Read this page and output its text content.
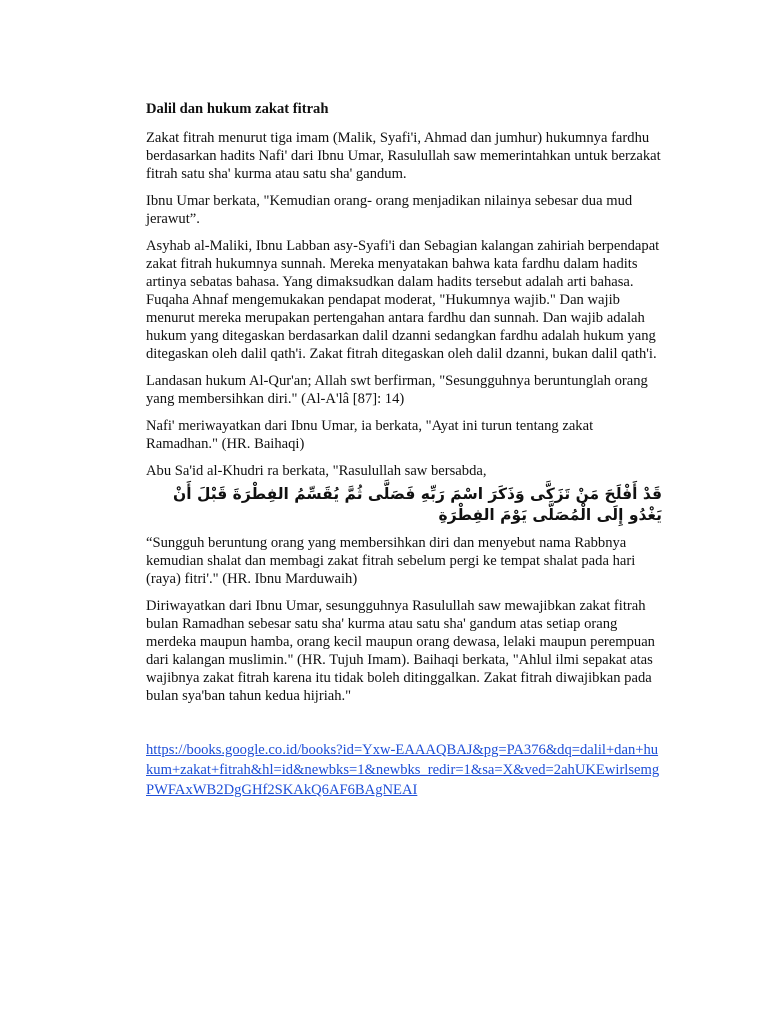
Dalil dan hukum zakat fitrah

Zakat fitrah menurut tiga imam (Malik, Syafi'i, Ahmad dan jumhur) hukumnya fardhu berdasarkan hadits Nafi' dari Ibnu Umar, Rasulullah saw memerintahkan untuk berzakat fitrah satu sha' kurma atau satu sha' gandum.

Ibnu Umar berkata, "Kemudian orang- orang menjadikan nilainya sebesar dua mud jerawut”.

Asyhab al-Maliki, Ibnu Labban asy-Syafi'i dan Sebagian kalangan zahiriah berpendapat zakat fitrah hukumnya sunnah. Mereka menyatakan bahwa kata fardhu dalam hadits artinya sebatas bahasa. Yang dimaksudkan dalam hadits tersebut adalah arti bahasa. Fuqaha Ahnaf mengemukakan pendapat moderat, "Hukumnya wajib." Dan wajib menurut mereka merupakan pertengahan antara fardhu dan sunnah. Dan wajib adalah hukum yang ditegaskan berdasarkan dalil dzanni sedangkan fardhu adalah hukum yang ditegaskan oleh dalil qath'i. Zakat fitrah ditegaskan oleh dalil dzanni, bukan dalil qath'i.

Landasan hukum Al-Qur'an; Allah swt berfirman, "Sesungguhnya beruntunglah orang yang membersihkan diri." (Al-A'lâ [87]: 14)

Nafi' meriwayatkan dari Ibnu Umar, ia berkata, "Ayat ini turun tentang zakat Ramadhan." (HR. Baihaqi)

Abu Sa'id al-Khudri ra berkata, "Rasulullah saw bersabda,

قَدْ أَفْلَحَ مَنْ تَزَكَّى وَذَكَرَ اسْمَ رَبِّهِ فَصَلَّى ثُمَّ يُقَسِّمُ الفِطْرَةَ قَبْلَ أَنْ يَغْدُو إِلَى الْمُصَلَّى يَوْمَ الفِطْرَةِ

“Sungguh beruntung orang yang membersihkan diri dan menyebut nama Rabbnya kemudian shalat dan membagi zakat fitrah sebelum pergi ke tempat shalat pada hari (raya) fitri'." (HR. Ibnu Marduwaih)

Diriwayatkan dari Ibnu Umar, sesungguhnya Rasulullah saw mewajibkan zakat fitrah bulan Ramadhan sebesar satu sha' kurma atau satu sha' gandum atas setiap orang merdeka maupun hamba, orang kecil maupun orang dewasa, lelaki maupun perempuan dari kalangan muslimin." (HR. Tujuh Imam). Baihaqi berkata, "Ahlul ilmi sepakat atas wajibnya zakat fitrah karena itu tidak boleh ditinggalkan. Zakat fitrah diwajibkan pada bulan sya'ban tahun kedua hijriah."

https://books.google.co.id/books?id=Yxw-EAAAQBAJ&pg=PA376&dq=dalil+dan+hukum+zakat+fitrah&hl=id&newbks=1&newbks_redir=1&sa=X&ved=2ahUKEwirlsemgPWFAxWB2DgGHf2SKAkQ6AF6BAgNEAI
